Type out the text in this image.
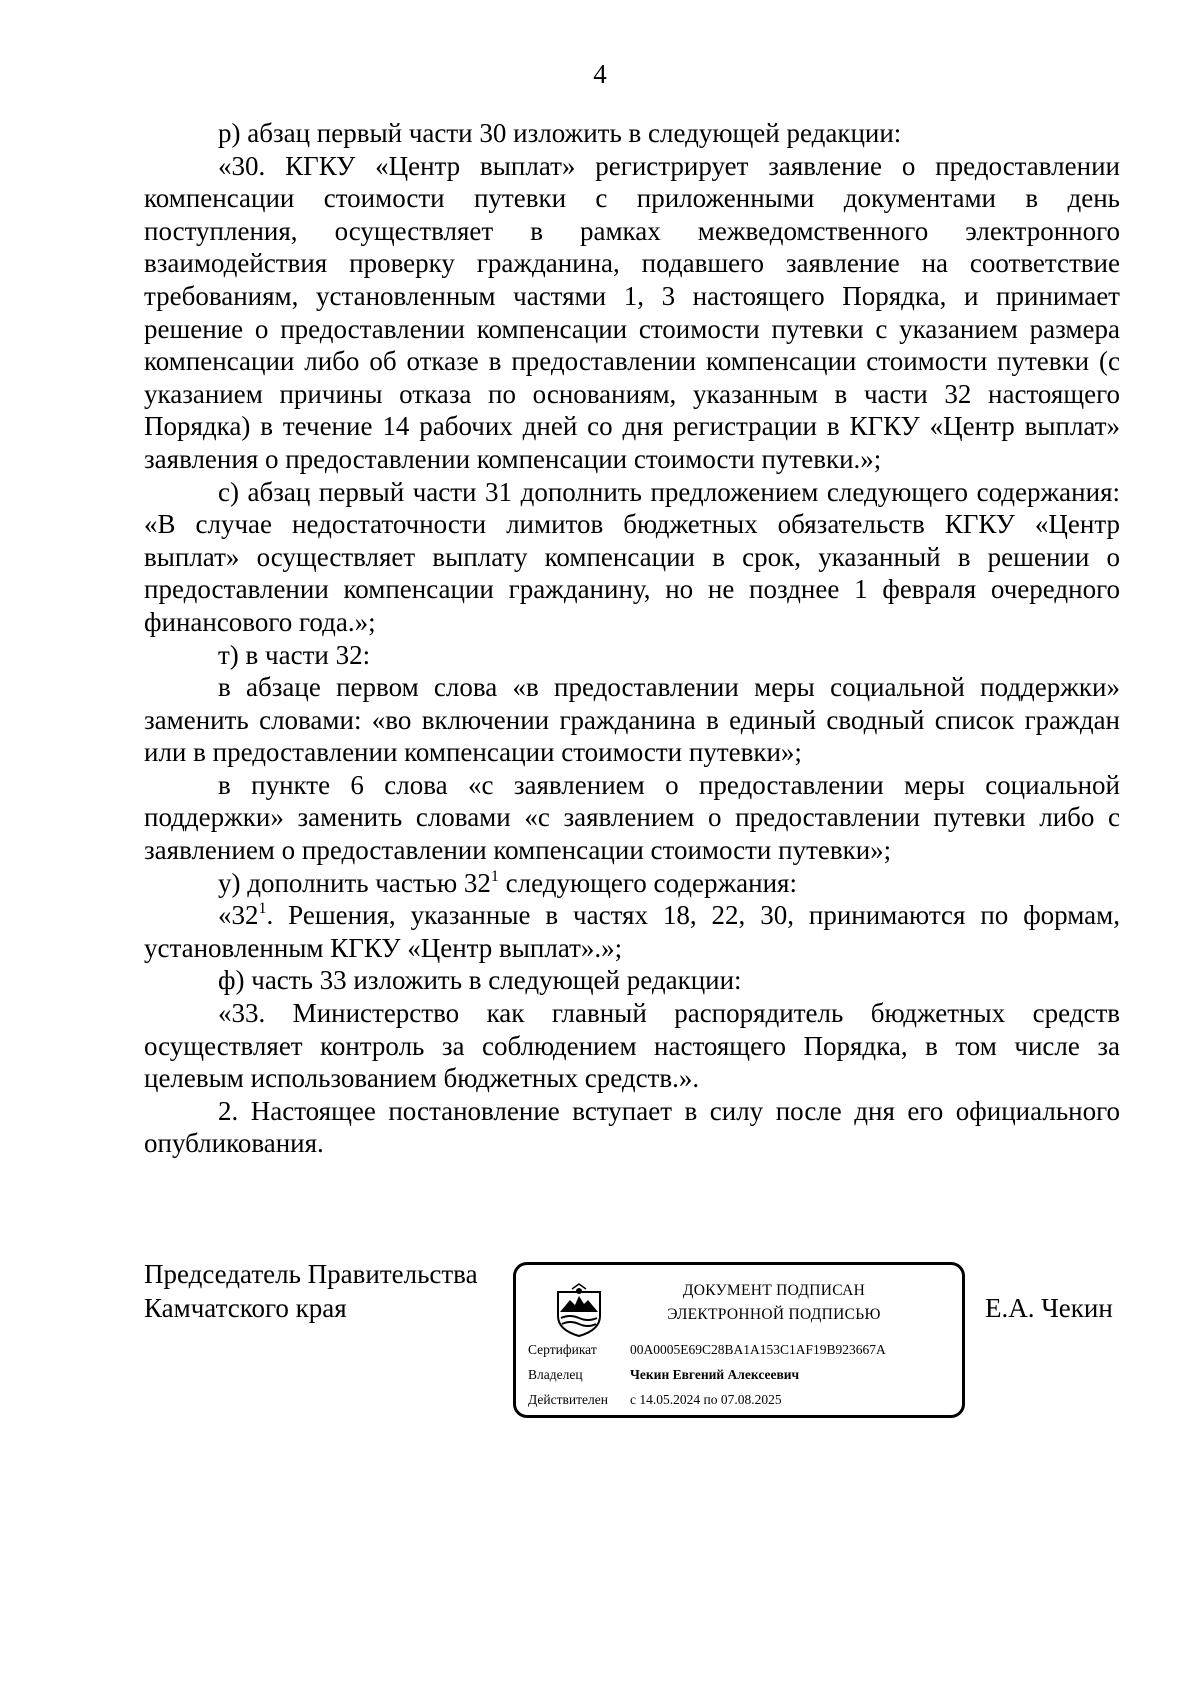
4

р) абзац первый части 30 изложить в следующей редакции:

«30. КГКУ «Центр выплат» регистрирует заявление о предоставлении компенсации стоимости путевки с приложенными документами в день поступления, осуществляет в рамках межведомственного электронного взаимодействия проверку гражданина, подавшего заявление на соответствие требованиям, установленным частями 1, 3 настоящего Порядка, и принимает решение о предоставлении компенсации стоимости путевки с указанием размера компенсации либо об отказе в предоставлении компенсации стоимости путевки (с указанием причины отказа по основаниям, указанным в части 32 настоящего Порядка) в течение 14 рабочих дней со дня регистрации в КГКУ «Центр выплат» заявления о предоставлении компенсации стоимости путевки.»;

с) абзац первый части 31 дополнить предложением следующего содержания: «В случае недостаточности лимитов бюджетных обязательств КГКУ «Центр выплат» осуществляет выплату компенсации в срок, указанный в решении о предоставлении компенсации гражданину, но не позднее 1 февраля очередного финансового года.»;

т) в части 32:

в абзаце первом слова «в предоставлении меры социальной поддержки» заменить словами: «во включении гражданина в единый сводный список граждан или в предоставлении компенсации стоимости путевки»;

в пункте 6 слова «с заявлением о предоставлении меры социальной поддержки» заменить словами «с заявлением о предоставлении путевки либо с заявлением о предоставлении компенсации стоимости путевки»;

у) дополнить частью $32^1$ следующего содержания:

«$32^1$. Решения, указанные в частях 18, 22, 30, принимаются по формам, установленным КГКУ «Центр выплат».»;

ф) часть 33 изложить в следующей редакции:

«33. Министерство как главный распорядитель бюджетных средств осуществляет контроль за соблюдением настоящего Порядка, в том числе за целевым использованием бюджетных средств.».

2. Настоящее постановление вступает в силу после дня его официального опубликования.

Председатель Правительства
Камчатского края
ДОКУМЕНТ ПОДПИСАН
ЭЛЕКТРОННОЙ ПОДПИСЬЮ
Сертификат 00A0005E69C28BA1A153C1AF19B923667A
Владелец	Чекин Евгений Алексеевич
Действителен с 14.05.2024 по 07.08.2025
Е.А. Чекин
